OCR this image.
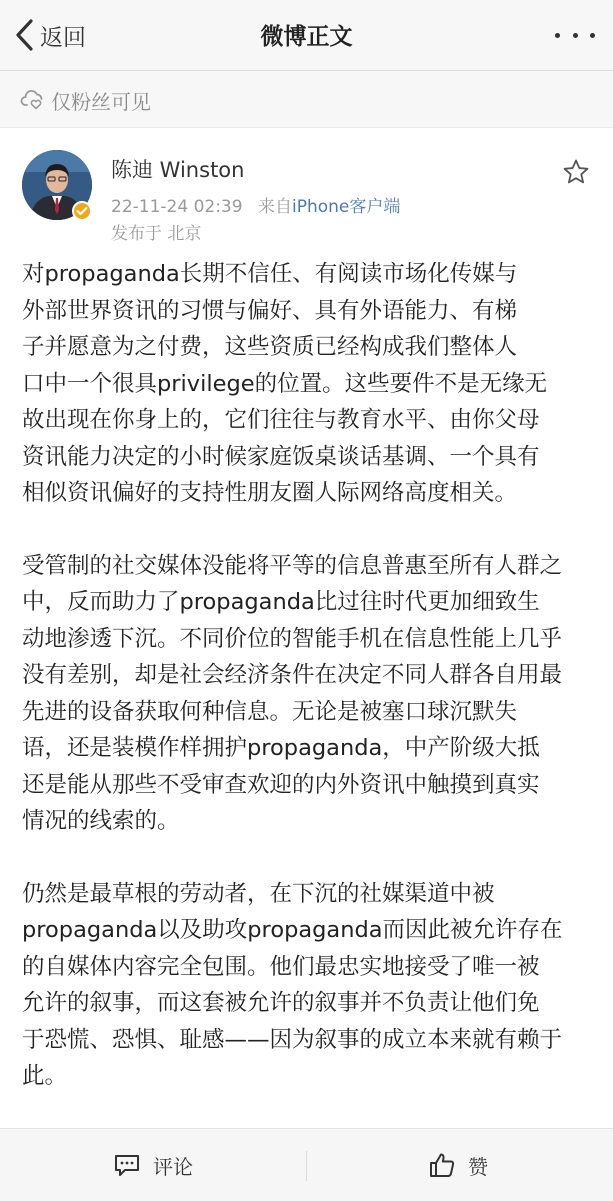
返回	微博正文
仅粉丝可见
陈迪 Winston
22-11-24 02:39 来自iPhone客户端
发布于 北京

对propaganda长期不信任、有阅读市场化传媒与
外部世界资讯的习惯与偏好、具有外语能力、有梯
子并愿意为之付费，这些资质已经构成我们整体人
口中一个很具privilege的位置。这些要件不是无缘无
故出现在你身上的，它们往往与教育水平、由你父母
资讯能力决定的小时候家庭饭桌谈话基调、一个具有
相似资讯偏好的支持性朋友圈人际网络高度相关。

受管制的社交媒体没能将平等的信息普惠至所有人群之
中，反而助力了propaganda比过往时代更加细致生
动地渗透下沉。不同价位的智能手机在信息性能上几乎
没有差别，却是社会经济条件在决定不同人群各自用最
先进的设备获取何种信息。无论是被塞口球沉默失
语，还是装模作样拥护propaganda，中产阶级大抵
还是能从那些不受审查欢迎的内外资讯中触摸到真实
情况的线索的。

仍然是最草根的劳动者，在下沉的社媒渠道中被
propaganda以及助攻propaganda而因此被允许存在
的自媒体内容完全包围。他们最忠实地接受了唯一被
允许的叙事，而这套被允许的叙事并不负责让他们免
于恐慌、恐惧、耻感——因为叙事的成立本来就有赖于
此。

评论	赞
